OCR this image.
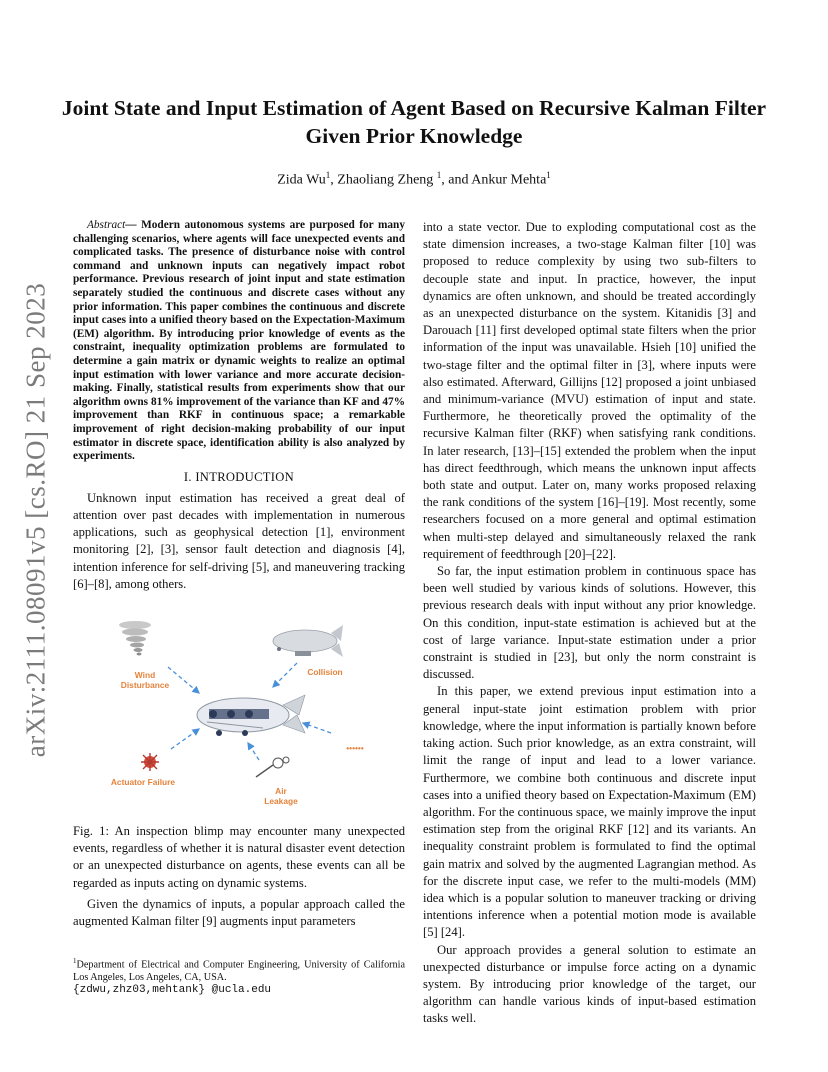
arXiv:2111.08091v5 [cs.RO] 21 Sep 2023
Joint State and Input Estimation of Agent Based on Recursive Kalman Filter Given Prior Knowledge
Zida Wu$^1$, Zhaoliang Zheng $^1$, and Ankur Mehta$^1$

Abstract— Modern autonomous systems are purposed for many challenging scenarios, where agents will face unexpected events and complicated tasks. The presence of disturbance noise with control command and unknown inputs can negatively impact robot performance. Previous research of joint input and state estimation separately studied the continuous and discrete cases without any prior information. This paper combines the continuous and discrete input cases into a unified theory based on the Expectation-Maximum (EM) algorithm. By introducing prior knowledge of events as the constraint, inequality optimization problems are formulated to determine a gain matrix or dynamic weights to realize an optimal input estimation with lower variance and more accurate decision-making. Finally, statistical results from experiments show that our algorithm owns 81% improvement of the variance than KF and 47% improvement than RKF in continuous space; a remarkable improvement of right decision-making probability of our input estimator in discrete space, identification ability is also analyzed by experiments.

I. INTRODUCTION

Unknown input estimation has received a great deal of attention over past decades with implementation in numerous applications, such as geophysical detection [1], environment monitoring [2], [3], sensor fault detection and diagnosis [4], intention inference for self-driving [5], and maneuvering tracking [6]–[8], among others.

Wind
Disturbance
Collision
Actuator Failure
Air
Leakage
••••••
Fig. 1: An inspection blimp may encounter many unexpected events, regardless of whether it is natural disaster event detection or an unexpected disturbance on agents, these events can all be regarded as inputs acting on dynamic systems.

Given the dynamics of inputs, a popular approach called the augmented Kalman filter [9] augments input parameters

$^1$Department of Electrical and Computer Engineering, University of California Los Angeles, Los Angeles, CA, USA.
{zdwu,zhz03,mehtank} @ucla.edu

into a state vector. Due to exploding computational cost as the state dimension increases, a two-stage Kalman filter [10] was proposed to reduce complexity by using two sub-filters to decouple state and input. In practice, however, the input dynamics are often unknown, and should be treated accordingly as an unexpected disturbance on the system. Kitanidis [3] and Darouach [11] first developed optimal state filters when the prior information of the input was unavailable. Hsieh [10] unified the two-stage filter and the optimal filter in [3], where inputs were also estimated. Afterward, Gillijns [12] proposed a joint unbiased and minimum-variance (MVU) estimation of input and state. Furthermore, he theoretically proved the optimality of the recursive Kalman filter (RKF) when satisfying rank conditions. In later research, [13]–[15] extended the problem when the input has direct feedthrough, which means the unknown input affects both state and output. Later on, many works proposed relaxing the rank conditions of the system [16]–[19]. Most recently, some researchers focused on a more general and optimal estimation when multi-step delayed and simultaneously relaxed the rank requirement of feedthrough [20]–[22].

So far, the input estimation problem in continuous space has been well studied by various kinds of solutions. However, this previous research deals with input without any prior knowledge. On this condition, input-state estimation is achieved but at the cost of large variance. Input-state estimation under a prior constraint is studied in [23], but only the norm constraint is discussed.

In this paper, we extend previous input estimation into a general input-state joint estimation problem with prior knowledge, where the input information is partially known before taking action. Such prior knowledge, as an extra constraint, will limit the range of input and lead to a lower variance. Furthermore, we combine both continuous and discrete input cases into a unified theory based on Expectation-Maximum (EM) algorithm. For the continuous space, we mainly improve the input estimation step from the original RKF [12] and its variants. An inequality constraint problem is formulated to find the optimal gain matrix and solved by the augmented Lagrangian method. As for the discrete input case, we refer to the multi-models (MM) idea which is a popular solution to maneuver tracking or driving intentions inference when a potential motion mode is available [5] [24].

Our approach provides a general solution to estimate an unexpected disturbance or impulse force acting on a dynamic system. By introducing prior knowledge of the target, our algorithm can handle various kinds of input-based estimation tasks well.
